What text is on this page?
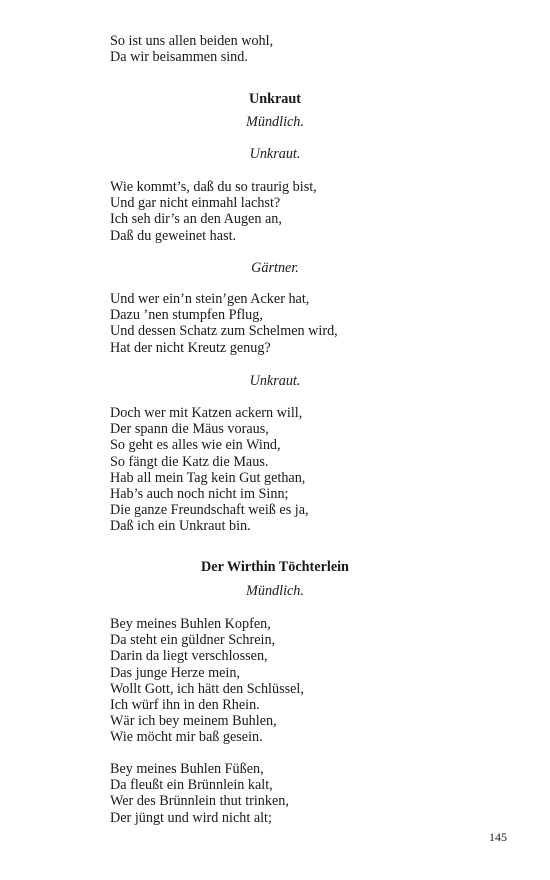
So ist uns allen beiden wohl,
Da wir beisammen sind.
Unkraut
Mündlich.
Unkraut.
Wie kommt’s, daß du so traurig bist,
Und gar nicht einmahl lachst?
Ich seh dir’s an den Augen an,
Daß du geweinet hast.
Gärtner.
Und wer ein’n stein’gen Acker hat,
Dazu ’nen stumpfen Pflug,
Und dessen Schatz zum Schelmen wird,
Hat der nicht Kreutz genug?
Unkraut.
Doch wer mit Katzen ackern will,
Der spann die Mäus voraus,
So geht es alles wie ein Wind,
So fängt die Katz die Maus.
Hab all mein Tag kein Gut gethan,
Hab’s auch noch nicht im Sinn;
Die ganze Freundschaft weiß es ja,
Daß ich ein Unkraut bin.
Der Wirthin Töchterlein
Mündlich.
Bey meines Buhlen Kopfen,
Da steht ein güldner Schrein,
Darin da liegt verschlossen,
Das junge Herze mein,
Wollt Gott, ich hätt den Schlüssel,
Ich würf ihn in den Rhein.
Wär ich bey meinem Buhlen,
Wie möcht mir baß gesein.
Bey meines Buhlen Füßen,
Da fleußt ein Brünnlein kalt,
Wer des Brünnlein thut trinken,
Der jüngt und wird nicht alt;
145
